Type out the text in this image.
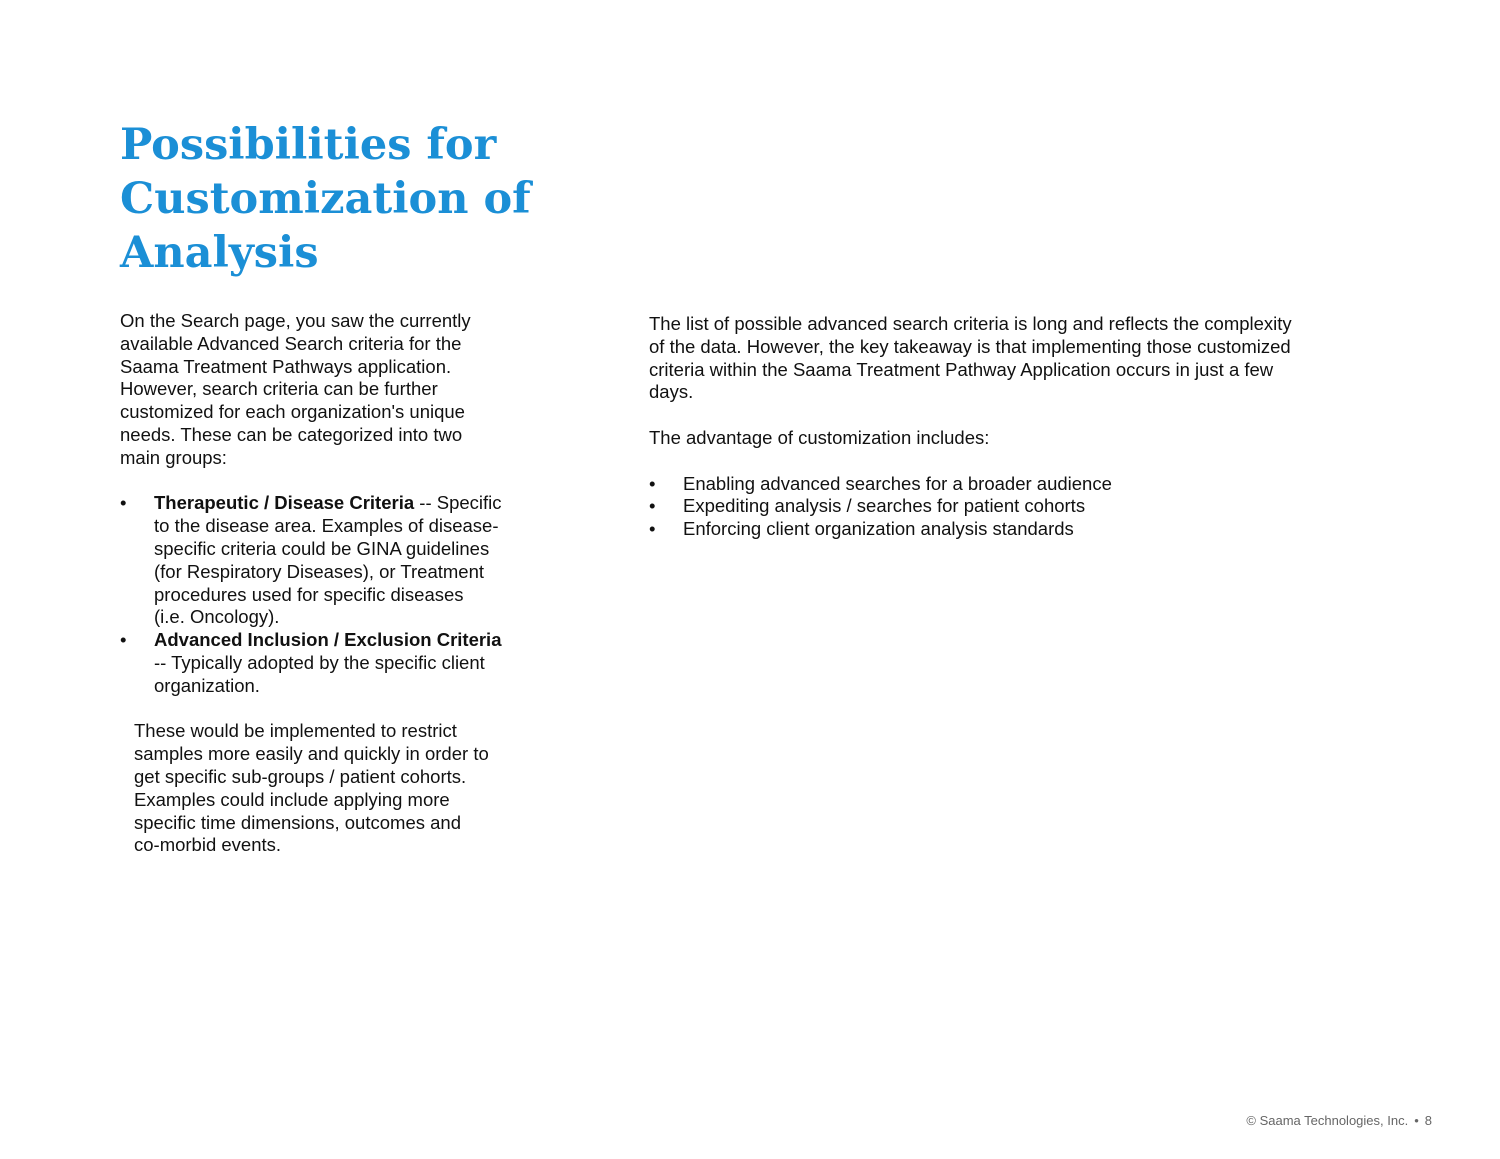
Possibilities for
Customization of
Analysis

On the Search page, you saw the currently
available Advanced Search criteria for the
Saama Treatment Pathways application.
However, search criteria can be further
customized for each organization's unique
needs. These can be categorized into two
main groups:

• Therapeutic / Disease Criteria -- Specific
to the disease area. Examples of disease-
specific criteria could be GINA guidelines
(for Respiratory Diseases), or Treatment
procedures used for specific diseases
(i.e. Oncology).
• Advanced Inclusion / Exclusion Criteria
-- Typically adopted by the specific client
organization.

These would be implemented to restrict
samples more easily and quickly in order to
get specific sub-groups / patient cohorts.
Examples could include applying more
specific time dimensions, outcomes and
co-morbid events.

The list of possible advanced search criteria is long and reflects the complexity
of the data. However, the key takeaway is that implementing those customized
criteria within the Saama Treatment Pathway Application occurs in just a few
days.

The advantage of customization includes:

• Enabling advanced searches for a broader audience
• Expediting analysis / searches for patient cohorts
• Enforcing client organization analysis standards
© Saama Technologies, Inc. • 8
